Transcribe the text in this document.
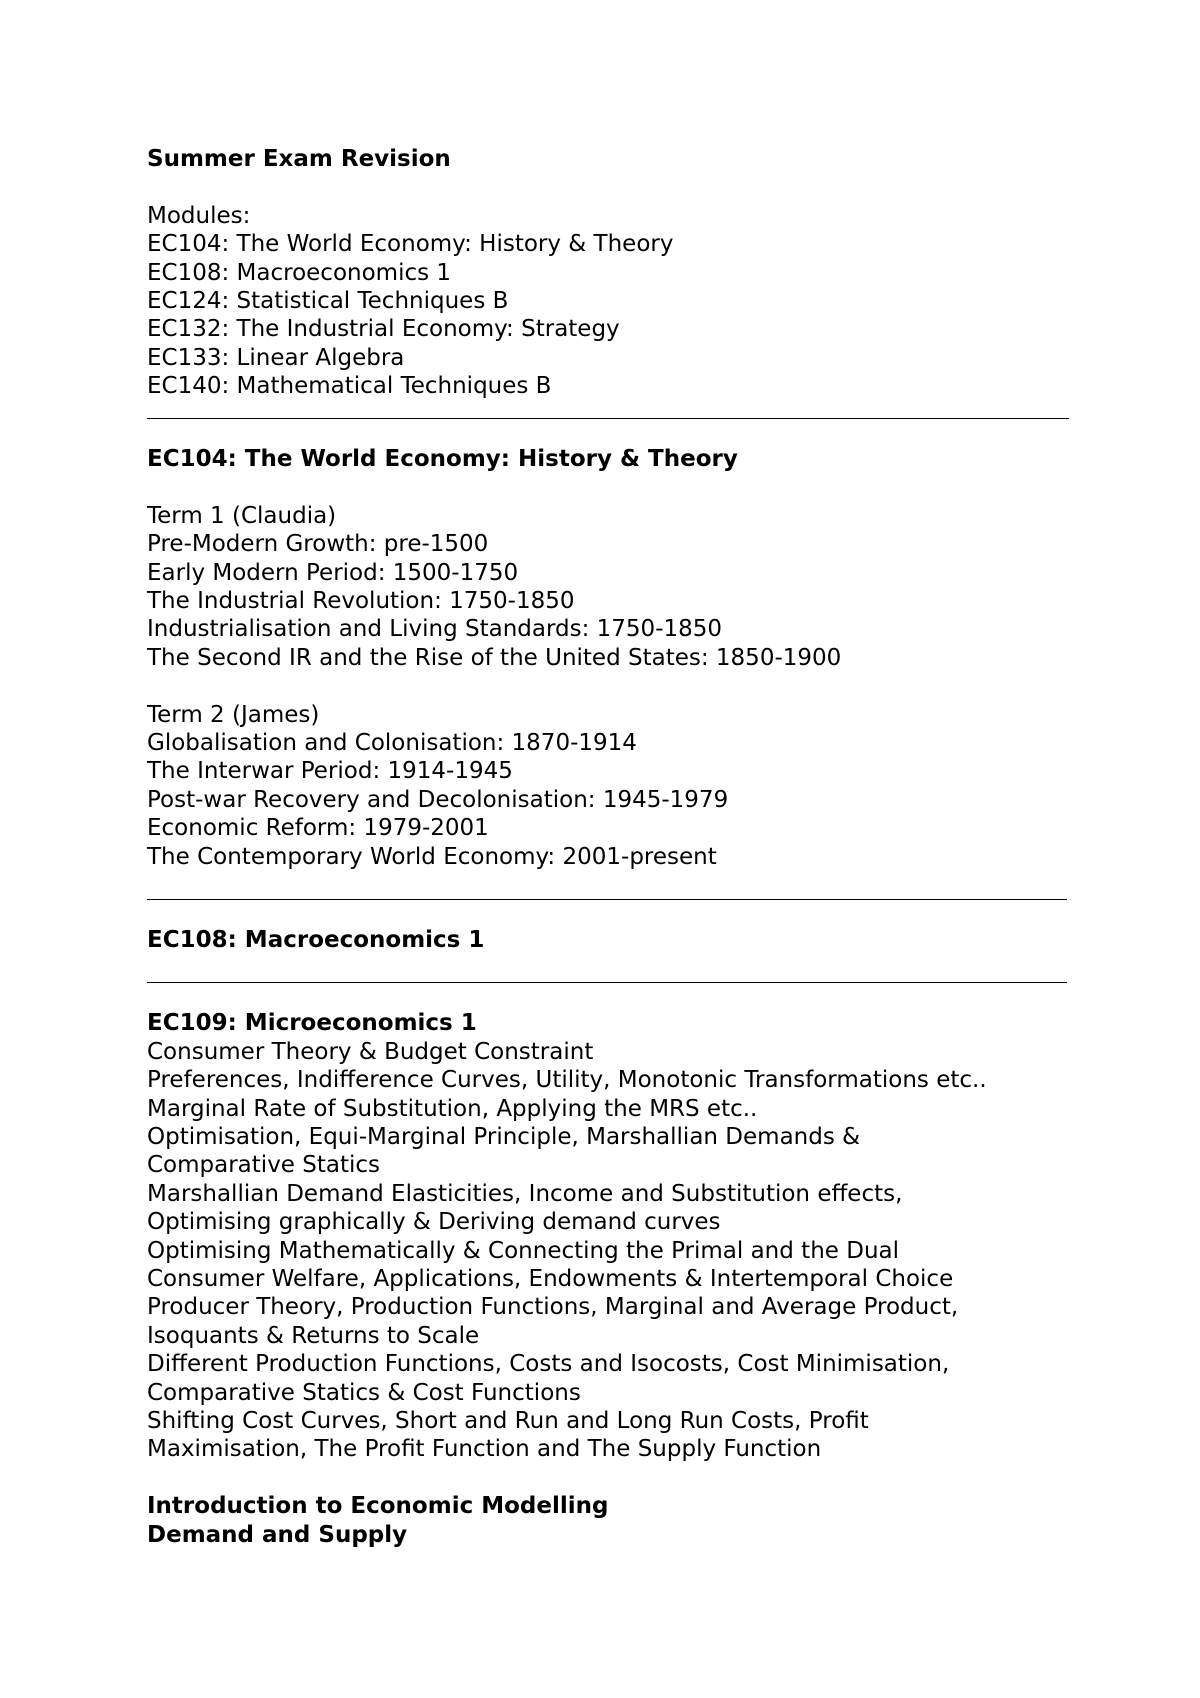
Summer Exam Revision
Modules:
EC104: The World Economy: History & Theory
EC108: Macroeconomics 1
EC124: Statistical Techniques B
EC132: The Industrial Economy: Strategy
EC133: Linear Algebra
EC140: Mathematical Techniques B
EC104: The World Economy: History & Theory
Term 1 (Claudia)
Pre-Modern Growth: pre-1500
Early Modern Period: 1500-1750
The Industrial Revolution: 1750-1850
Industrialisation and Living Standards: 1750-1850
The Second IR and the Rise of the United States: 1850-1900
Term 2 (James)
Globalisation and Colonisation: 1870-1914
The Interwar Period: 1914-1945
Post-war Recovery and Decolonisation: 1945-1979
Economic Reform: 1979-2001
The Contemporary World Economy: 2001-present
EC108: Macroeconomics 1
EC109: Microeconomics 1
Consumer Theory & Budget Constraint
Preferences, Indifference Curves, Utility, Monotonic Transformations etc..
Marginal Rate of Substitution, Applying the MRS etc..
Optimisation, Equi-Marginal Principle, Marshallian Demands &
Comparative Statics
Marshallian Demand Elasticities, Income and Substitution effects,
Optimising graphically & Deriving demand curves
Optimising Mathematically & Connecting the Primal and the Dual
Consumer Welfare, Applications, Endowments & Intertemporal Choice
Producer Theory, Production Functions, Marginal and Average Product,
Isoquants & Returns to Scale
Different Production Functions, Costs and Isocosts, Cost Minimisation,
Comparative Statics & Cost Functions
Shifting Cost Curves, Short and Run and Long Run Costs, Profit
Maximisation, The Profit Function and The Supply Function
Introduction to Economic Modelling
Demand and Supply
